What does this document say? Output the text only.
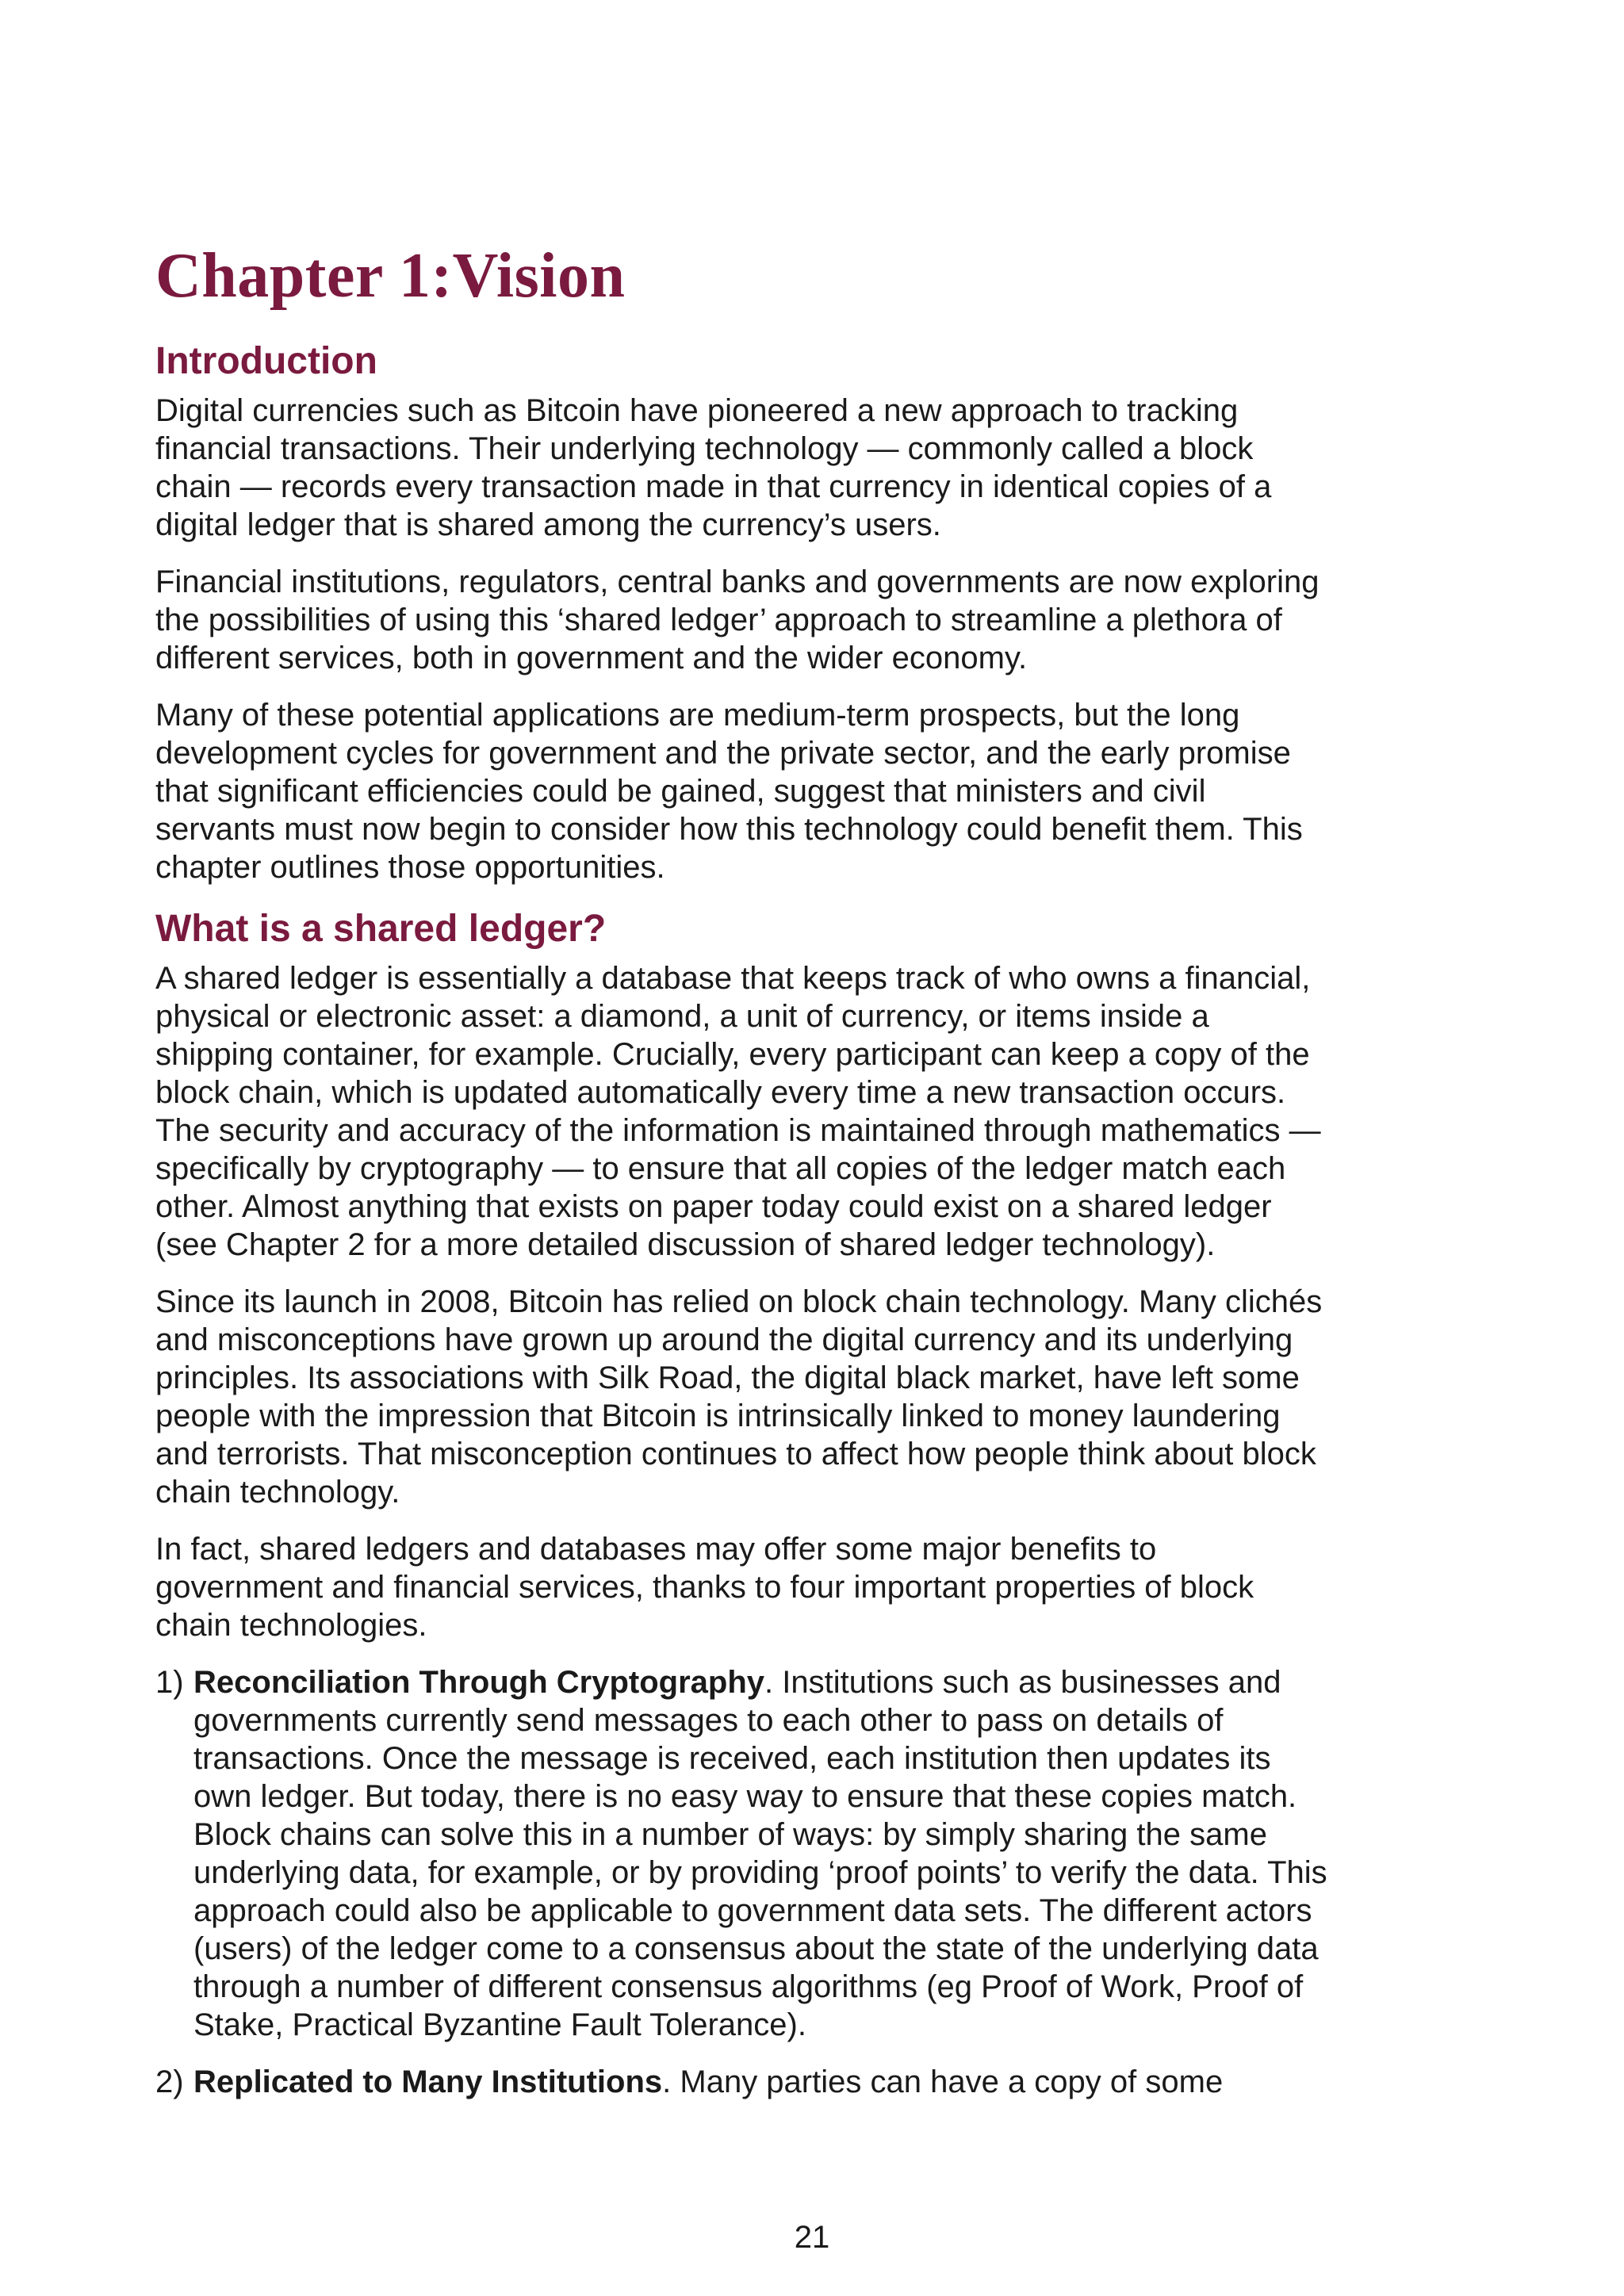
Chapter 1:Vision
Introduction

Digital currencies such as Bitcoin have pioneered a new approach to tracking financial transactions. Their underlying technology — commonly called a block chain — records every transaction made in that currency in identical copies of a digital ledger that is shared among the currency’s users.

Financial institutions, regulators, central banks and governments are now exploring the possibilities of using this ‘shared ledger’ approach to streamline a plethora of different services, both in government and the wider economy.

Many of these potential applications are medium-term prospects, but the long development cycles for government and the private sector, and the early promise that significant efficiencies could be gained, suggest that ministers and civil servants must now begin to consider how this technology could benefit them. This chapter outlines those opportunities.

What is a shared ledger?

A shared ledger is essentially a database that keeps track of who owns a financial, physical or electronic asset: a diamond, a unit of currency, or items inside a shipping container, for example. Crucially, every participant can keep a copy of the block chain, which is updated automatically every time a new transaction occurs. The security and accuracy of the information is maintained through mathematics — specifically by cryptography — to ensure that all copies of the ledger match each other. Almost anything that exists on paper today could exist on a shared ledger (see Chapter 2 for a more detailed discussion of shared ledger technology).

Since its launch in 2008, Bitcoin has relied on block chain technology. Many clichés and misconceptions have grown up around the digital currency and its underlying principles. Its associations with Silk Road, the digital black market, have left some people with the impression that Bitcoin is intrinsically linked to money laundering and terrorists. That misconception continues to affect how people think about block chain technology.

In fact, shared ledgers and databases may offer some major benefits to government and financial services, thanks to four important properties of block chain technologies.

1) Reconciliation Through Cryptography. Institutions such as businesses and governments currently send messages to each other to pass on details of transactions. Once the message is received, each institution then updates its own ledger. But today, there is no easy way to ensure that these copies match. Block chains can solve this in a number of ways: by simply sharing the same underlying data, for example, or by providing ‘proof points’ to verify the data. This approach could also be applicable to government data sets. The different actors (users) of the ledger come to a consensus about the state of the underlying data through a number of different consensus algorithms (eg Proof of Work, Proof of Stake, Practical Byzantine Fault Tolerance).
2) Replicated to Many Institutions. Many parties can have a copy of some
21
